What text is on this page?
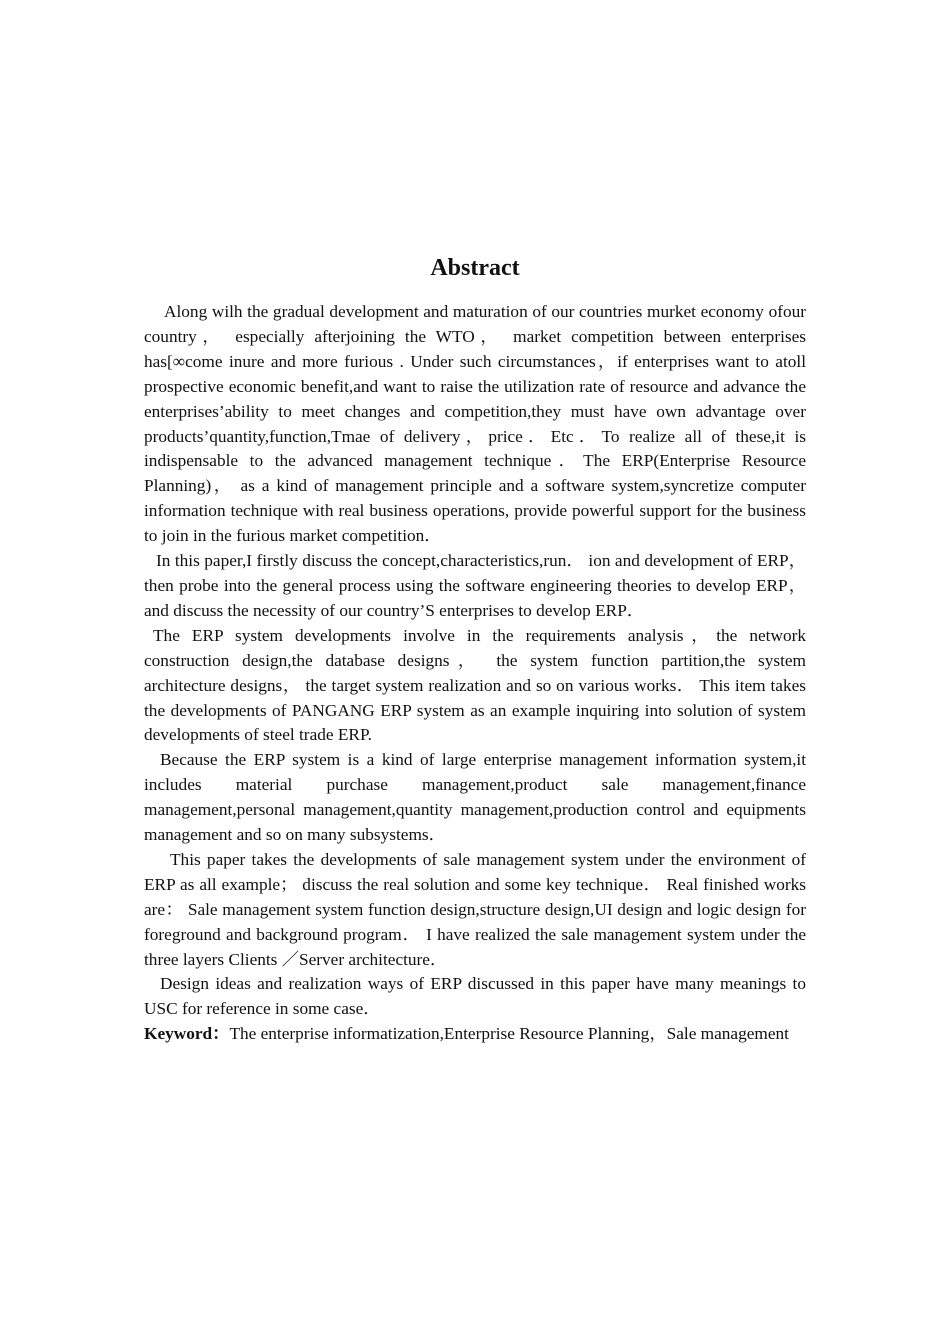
Abstract

Along wilh the gradual development and maturation of our countries murket economy ofour country， especially afterjoining the WTO， market competition between enterprises has[∞come inure and more furious . Under such circumstances，if enterprises want to atoll prospective economic benefit,and want to raise the utilization rate of resource and advance the enterprises’ability to meet changes and competition,they must have own advantage over products’quantity,function,Tmae of delivery，price．Etc．To realize all of these,it is indispensable to the advanced management technique．The ERP(Enterprise Resource Planning)， as a kind of management principle and a software system,syncretize computer information technique with real business operations, provide powerful support for the business to join in the furious market competition．

In this paper,I firstly discuss the concept,characteristics,run． ion and development of ERP，then probe into the general process using the software engineering theories to develop ERP， and discuss the necessity of our country’S enterprises to develop ERP．

The ERP system developments involve in the requirements analysis，the network construction design,the database designs， the system function partition,the system architecture designs， the target system realization and so on various works． This item takes the developments of PANGANG ERP system as an example inquiring into solution of system developments of steel trade ERP.

Because the ERP system is a kind of large enterprise management information system,it includes material purchase management,product sale management,finance management,personal management,quantity management,production control and equipments management and so on many subsystems．

This paper takes the developments of sale management system under the environment of ERP as all example； discuss the real solution and some key technique． Real finished works are： Sale management system function design,structure design,UI design and logic design for foreground and background program． I have realized the sale management system under the three layers Clients ／Server architecture．

Design ideas and realization ways of ERP discussed in this paper have many meanings to USC for reference in some case．

Keyword：The enterprise informatization,Enterprise Resource Planning，Sale management
